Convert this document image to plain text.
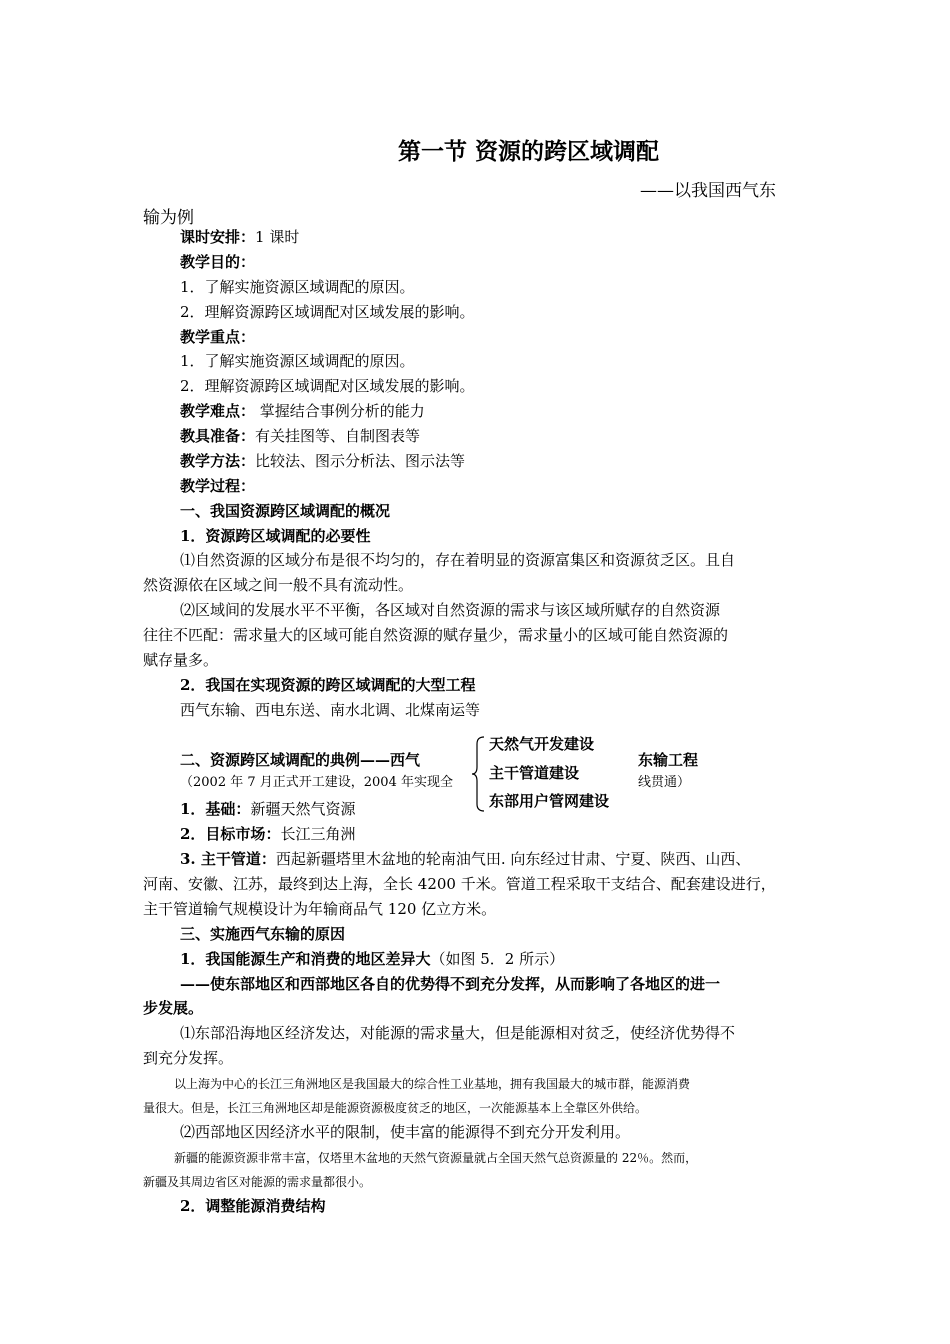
第一节 资源的跨区域调配
——以我国西气东
输为例
课时安排：1 课时
教学目的：
1．了解实施资源区域调配的原因。
2．理解资源跨区域调配对区域发展的影响。
教学重点：
1．了解实施资源区域调配的原因。
2．理解资源跨区域调配对区域发展的影响。
教学难点： 掌握结合事例分析的能力
教具准备：有关挂图等、自制图表等
教学方法：比较法、图示分析法、图示法等
教学过程：
一、我国资源跨区域调配的概况
1．资源跨区域调配的必要性
⑴自然资源的区域分布是很不均匀的，存在着明显的资源富集区和资源贫乏区。且自
然资源依在区域之间一般不具有流动性。
⑵区域间的发展水平不平衡，各区域对自然资源的需求与该区域所赋存的自然资源
往往不匹配：需求量大的区域可能自然资源的赋存量少，需求量小的区域可能自然资源的
赋存量多。
2．我国在实现资源的跨区域调配的大型工程
西气东输、西电东送、南水北调、北煤南运等
二、资源跨区域调配的典例——西气
天然气开发建设
主干管道建设
东部用户管网建设
东输工程
（2002 年 7 月正式开工建设，2004 年实现全	线贯通）
1．基础：新疆天然气资源
2．目标市场：长江三角洲
3. 主干管道：西起新疆塔里木盆地的轮南油气田. 向东经过甘肃、宁夏、陕西、山西、
河南、安徽、江苏，最终到达上海，全长 4200 千米。管道工程采取干支结合、配套建设进行，
主干管道输气规模设计为年输商品气 120 亿立方米。
三、实施西气东输的原因
1．我国能源生产和消费的地区差异大（如图 5．2 所示）
——使东部地区和西部地区各自的优势得不到充分发挥，从而影响了各地区的进一
步发展。
⑴东部沿海地区经济发达，对能源的需求量大，但是能源相对贫乏，使经济优势得不
到充分发挥。
以上海为中心的长江三角洲地区是我国最大的综合性工业基地，拥有我国最大的城市群，能源消费
量很大。但是，长江三角洲地区却是能源资源极度贫乏的地区，一次能源基本上全靠区外供给。
⑵西部地区因经济水平的限制，使丰富的能源得不到充分开发利用。
新疆的能源资源非常丰富，仅塔里木盆地的天然气资源量就占全国天然气总资源量的 22％。然而，
新疆及其周边省区对能源的需求量都很小。
2．调整能源消费结构
